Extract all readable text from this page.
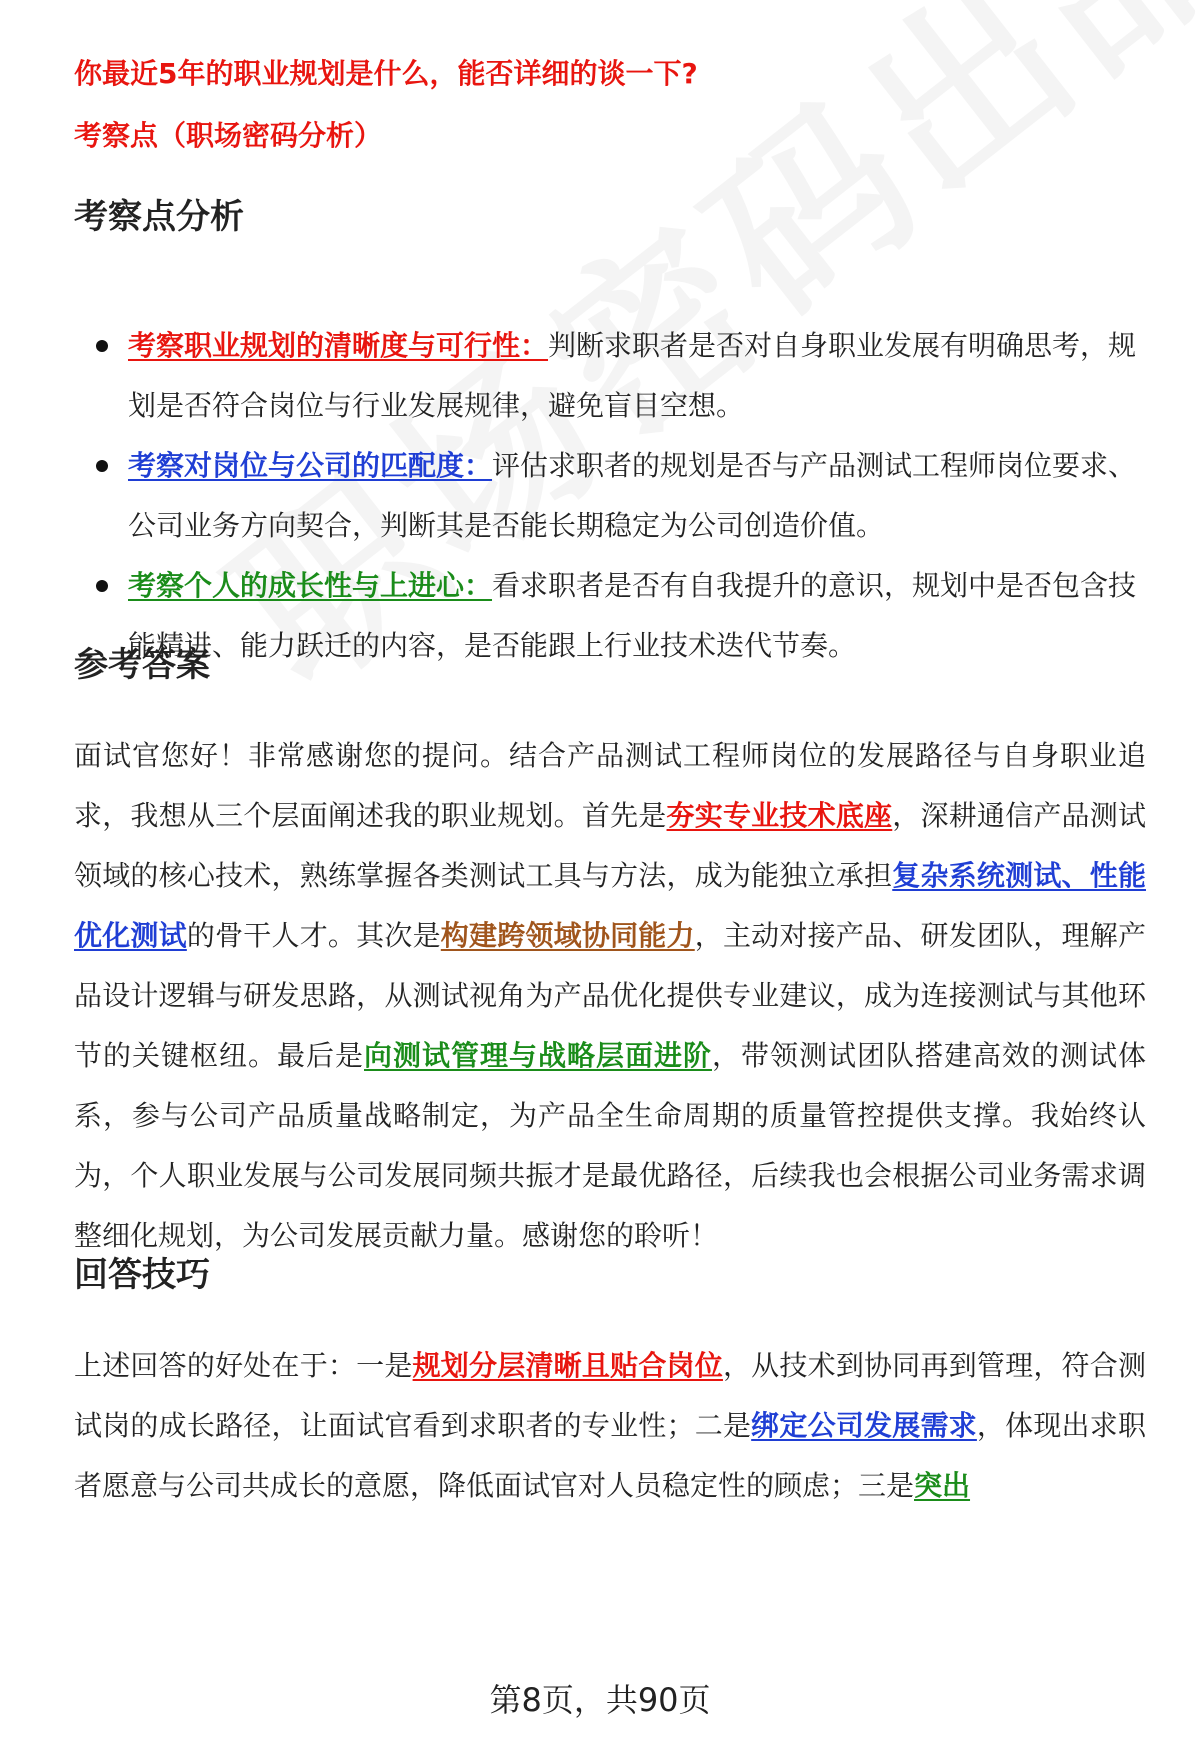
你最近5年的职业规划是什么，能否详细的谈一下?
考察点（职场密码分析）
考察点分析
考察职业规划的清晰度与可行性：判断求职者是否对自身职业发展有明确思考，规划是否符合岗位与行业发展规律，避免盲目空想。
考察对岗位与公司的匹配度：评估求职者的规划是否与产品测试工程师岗位要求、公司业务方向契合，判断其是否能长期稳定为公司创造价值。
考察个人的成长性与上进心：看求职者是否有自我提升的意识，规划中是否包含技能精进、能力跃迁的内容，是否能跟上行业技术迭代节奏。
参考答案
面试官您好！非常感谢您的提问。结合产品测试工程师岗位的发展路径与自身职业追求，我想从三个层面阐述我的职业规划。首先是夯实专业技术底座，深耕通信产品测试领域的核心技术，熟练掌握各类测试工具与方法，成为能独立承担复杂系统测试、性能优化测试的骨干人才。其次是构建跨领域协同能力，主动对接产品、研发团队，理解产品设计逻辑与研发思路，从测试视角为产品优化提供专业建议，成为连接测试与其他环节的关键枢纽。最后是向测试管理与战略层面进阶，带领测试团队搭建高效的测试体系，参与公司产品质量战略制定，为产品全生命周期的质量管控提供支撑。我始终认为，个人职业发展与公司发展同频共振才是最优路径，后续我也会根据公司业务需求调整细化规划，为公司发展贡献力量。感谢您的聆听！
回答技巧
上述回答的好处在于：一是规划分层清晰且贴合岗位，从技术到协同再到管理，符合测试岗的成长路径，让面试官看到求职者的专业性；二是绑定公司发展需求，体现出求职者愿意与公司共成长的意愿，降低面试官对人员稳定性的顾虑；三是突出
第8页，共90页
